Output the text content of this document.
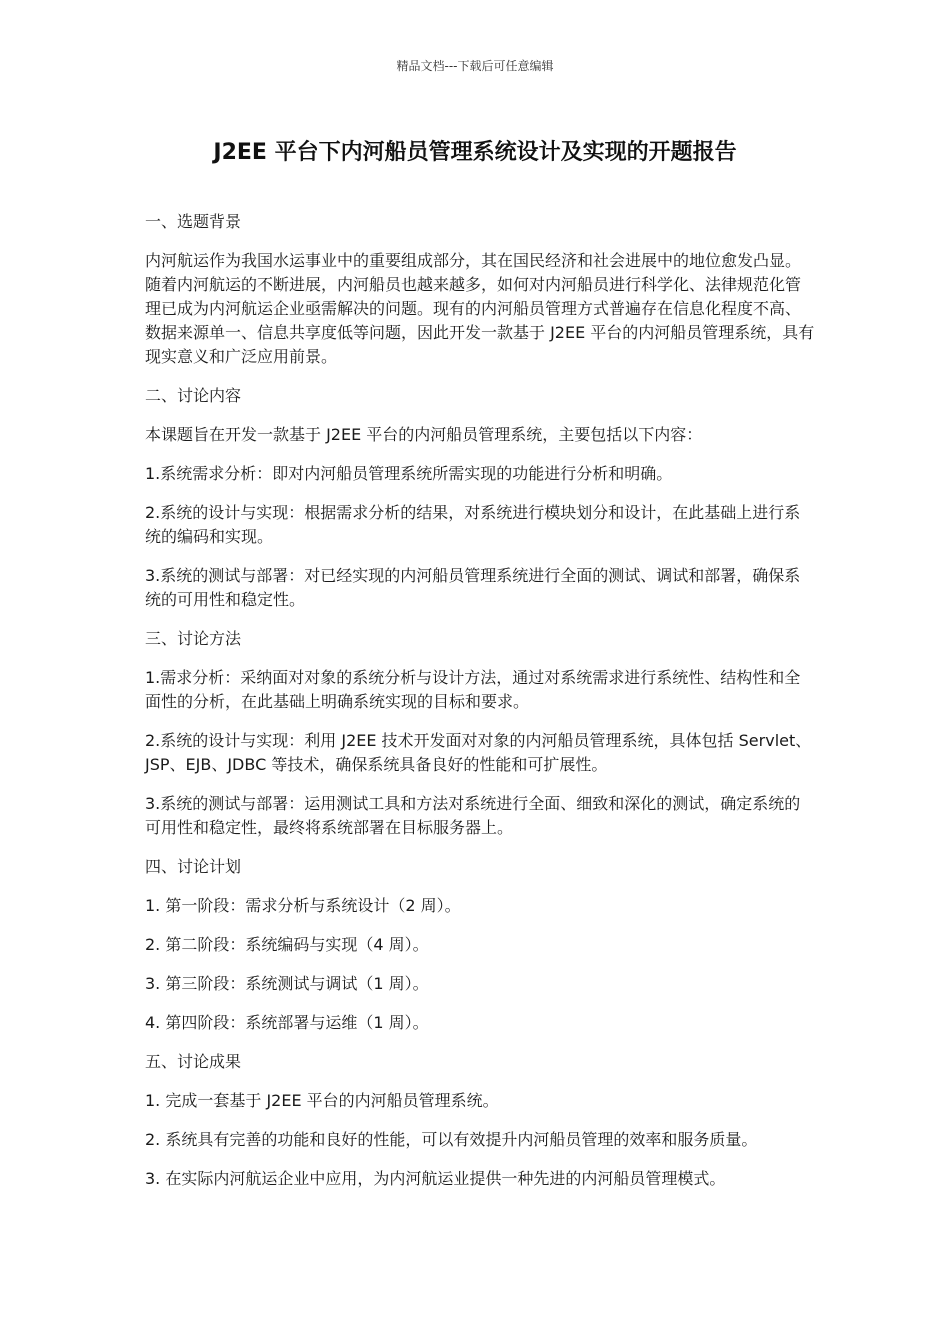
精品文档---下载后可任意编辑
J2EE 平台下内河船员管理系统设计及实现的开题报告

一、选题背景

内河航运作为我国水运事业中的重要组成部分，其在国民经济和社会进展中的地位愈发凸显。随着内河航运的不断进展，内河船员也越来越多，如何对内河船员进行科学化、法律规范化管理已成为内河航运企业亟需解决的问题。现有的内河船员管理方式普遍存在信息化程度不高、数据来源单一、信息共享度低等问题，因此开发一款基于 J2EE 平台的内河船员管理系统，具有现实意义和广泛应用前景。

二、讨论内容

本课题旨在开发一款基于 J2EE 平台的内河船员管理系统，主要包括以下内容：

1.系统需求分析：即对内河船员管理系统所需实现的功能进行分析和明确。

2.系统的设计与实现：根据需求分析的结果，对系统进行模块划分和设计，在此基础上进行系统的编码和实现。

3.系统的测试与部署：对已经实现的内河船员管理系统进行全面的测试、调试和部署，确保系统的可用性和稳定性。

三、讨论方法

1.需求分析：采纳面对对象的系统分析与设计方法，通过对系统需求进行系统性、结构性和全面性的分析，在此基础上明确系统实现的目标和要求。

2.系统的设计与实现：利用 J2EE 技术开发面对对象的内河船员管理系统，具体包括 Servlet、JSP、EJB、JDBC 等技术，确保系统具备良好的性能和可扩展性。

3.系统的测试与部署：运用测试工具和方法对系统进行全面、细致和深化的测试，确定系统的可用性和稳定性，最终将系统部署在目标服务器上。

四、讨论计划

1. 第一阶段：需求分析与系统设计（2 周）。

2. 第二阶段：系统编码与实现（4 周）。

3. 第三阶段：系统测试与调试（1 周）。

4. 第四阶段：系统部署与运维（1 周）。

五、讨论成果

1. 完成一套基于 J2EE 平台的内河船员管理系统。

2. 系统具有完善的功能和良好的性能，可以有效提升内河船员管理的效率和服务质量。

3. 在实际内河航运企业中应用，为内河航运业提供一种先进的内河船员管理模式。
